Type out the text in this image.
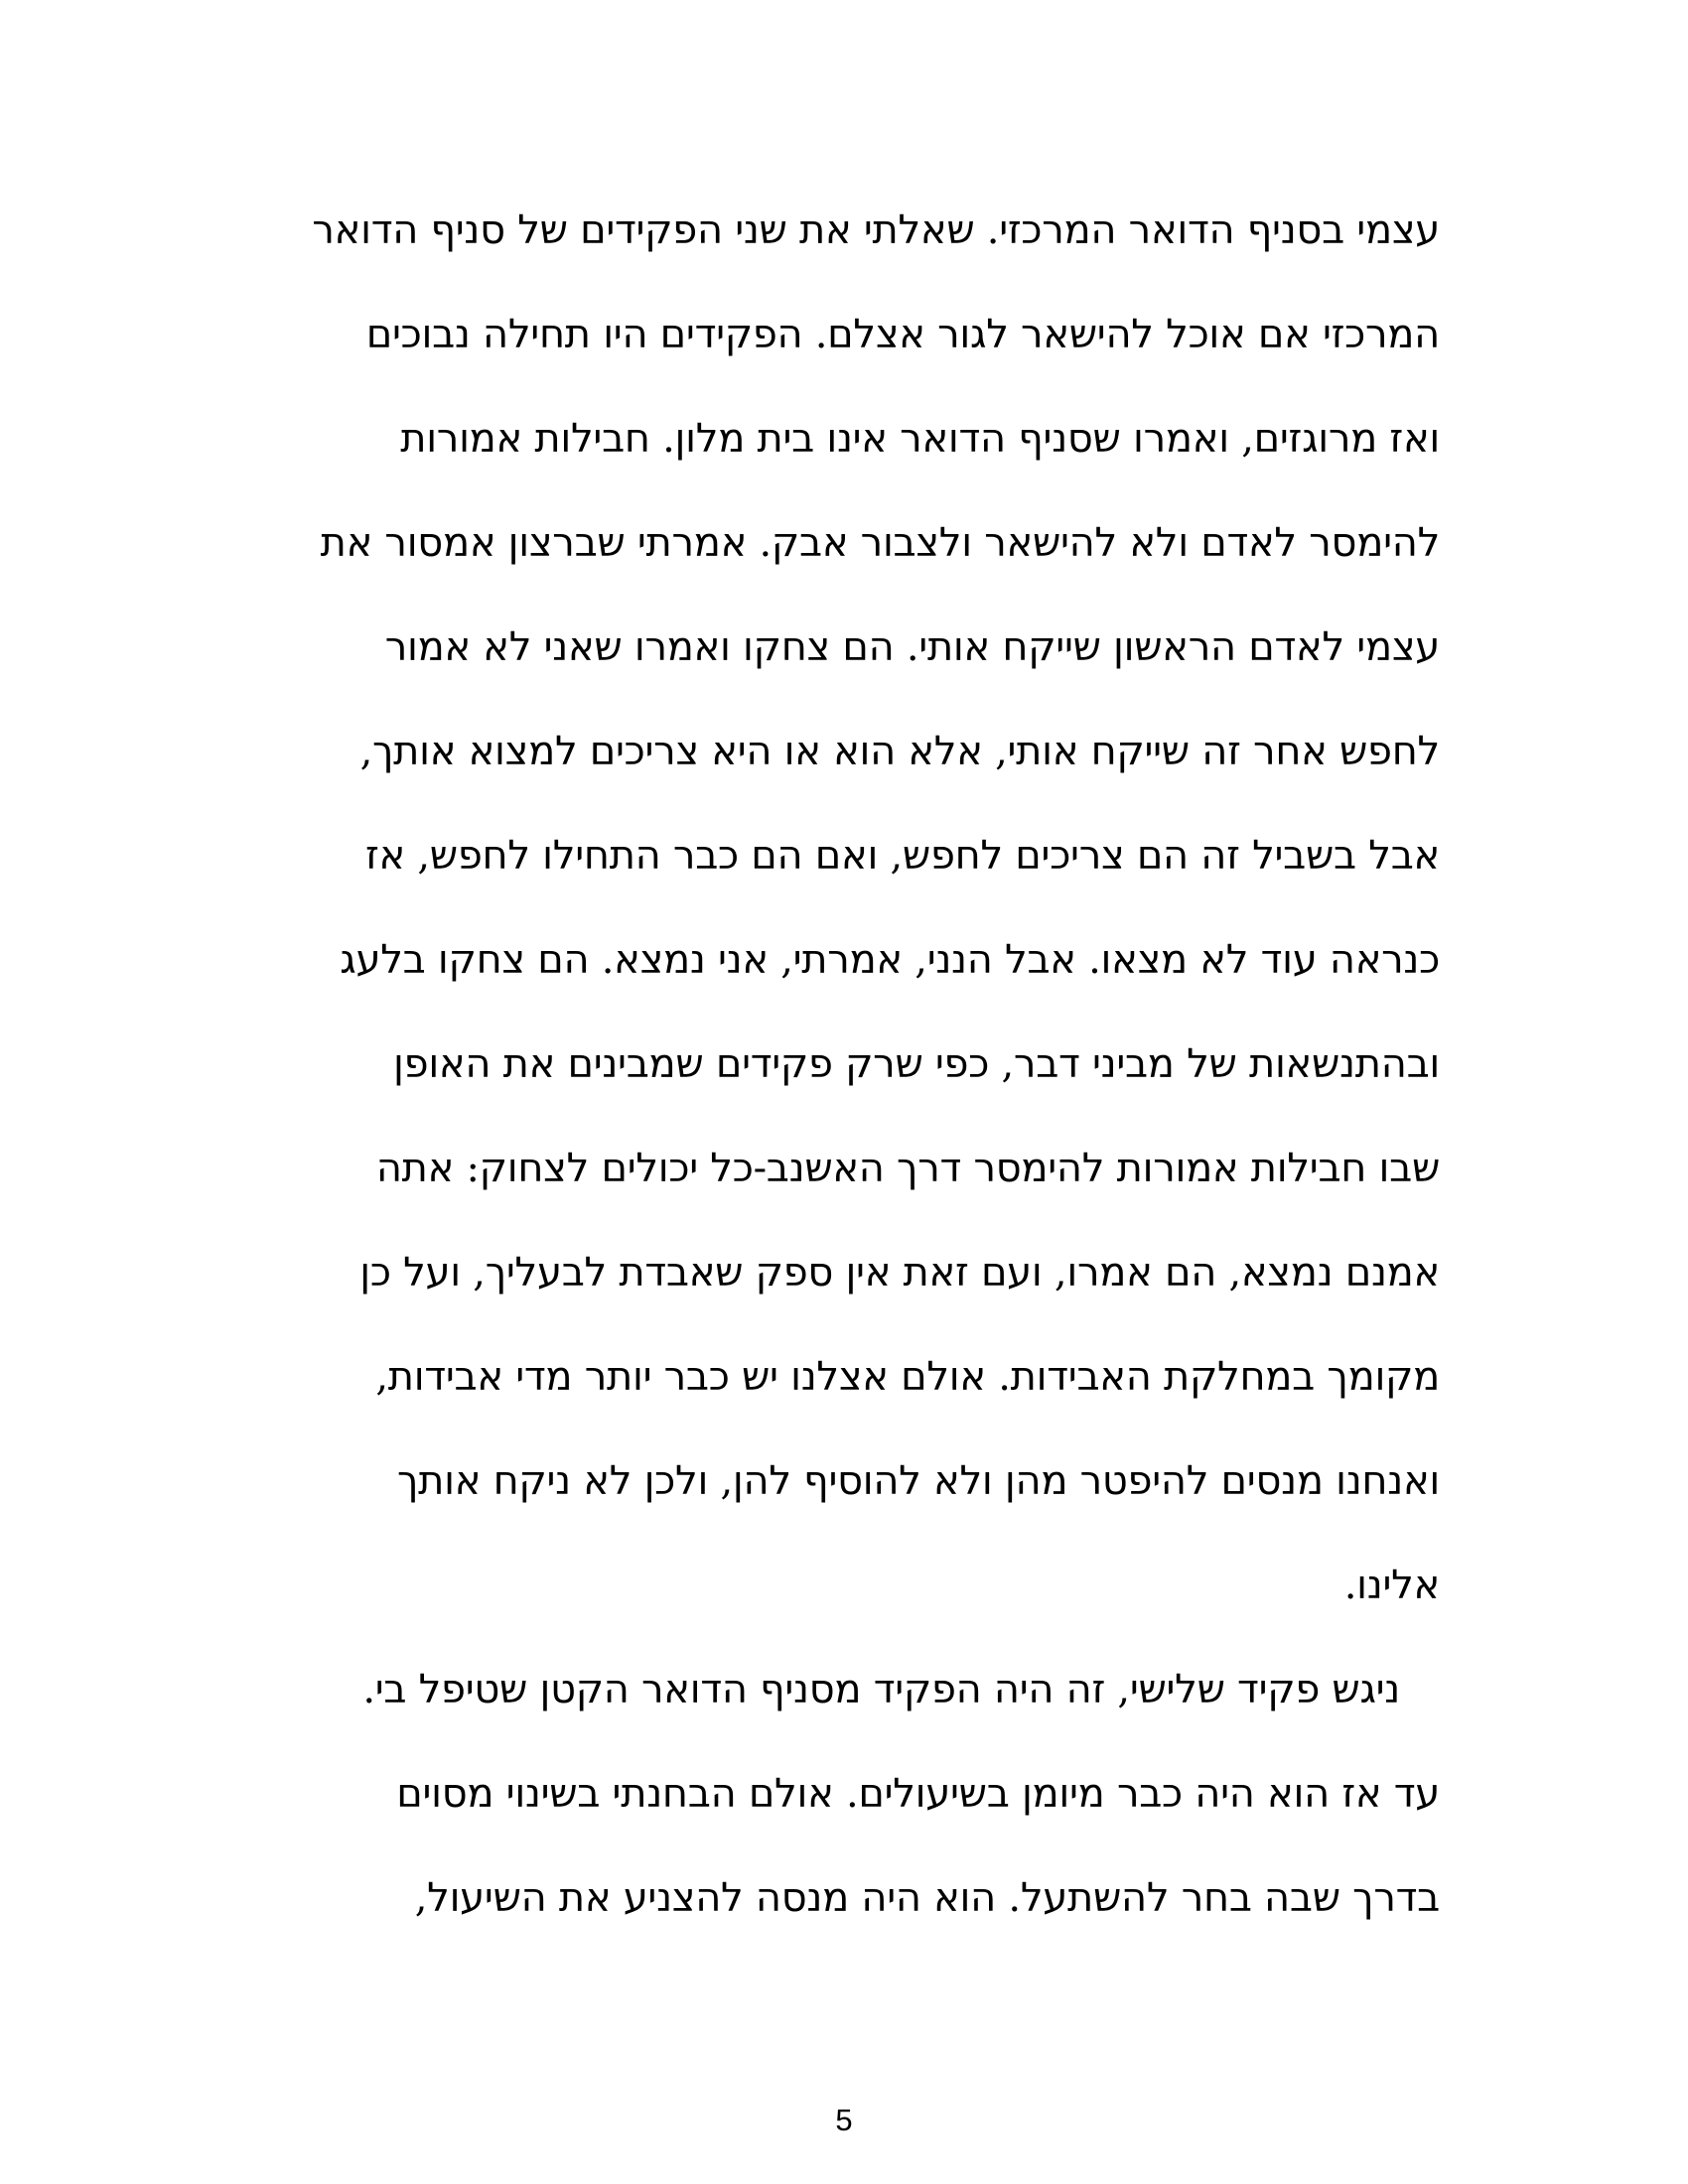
עצמי בסניף הדואר המרכזי. שאלתי את שני הפקידים של סניף הדואר
המרכזי אם אוכל להישאר לגור אצלם. הפקידים היו תחילה נבוכים
ואז מרוגזים, ואמרו שסניף הדואר אינו בית מלון. חבילות אמורות
להימסר לאדם ולא להישאר ולצבור אבק. אמרתי שברצון אמסור את
עצמי לאדם הראשון שייקח אותי. הם צחקו ואמרו שאני לא אמור
לחפש אחר זה שייקח אותי, אלא הוא או היא צריכים למצוא אותך,
אבל בשביל זה הם צריכים לחפש, ואם הם כבר התחילו לחפש, אז
כנראה עוד לא מצאו. אבל הנני, אמרתי, אני נמצא. הם צחקו בלעג
ובהתנשאות של מביני דבר, כפי שרק פקידים שמבינים את האופן
שבו חבילות אמורות להימסר דרך האשנב-כל יכולים לצחוק: אתה
אמנם נמצא, הם אמרו, ועם זאת אין ספק שאבדת לבעליך, ועל כן
מקומך במחלקת האבידות. אולם אצלנו יש כבר יותר מדי אבידות,
ואנחנו מנסים להיפטר מהן ולא להוסיף להן, ולכן לא ניקח אותך
אלינו.
ניגש פקיד שלישי, זה היה הפקיד מסניף הדואר הקטן שטיפל בי.
עד אז הוא היה כבר מיומן בשיעולים. אולם הבחנתי בשינוי מסוים
בדרך שבה בחר להשתעל. הוא היה מנסה להצניע את השיעול,
5
